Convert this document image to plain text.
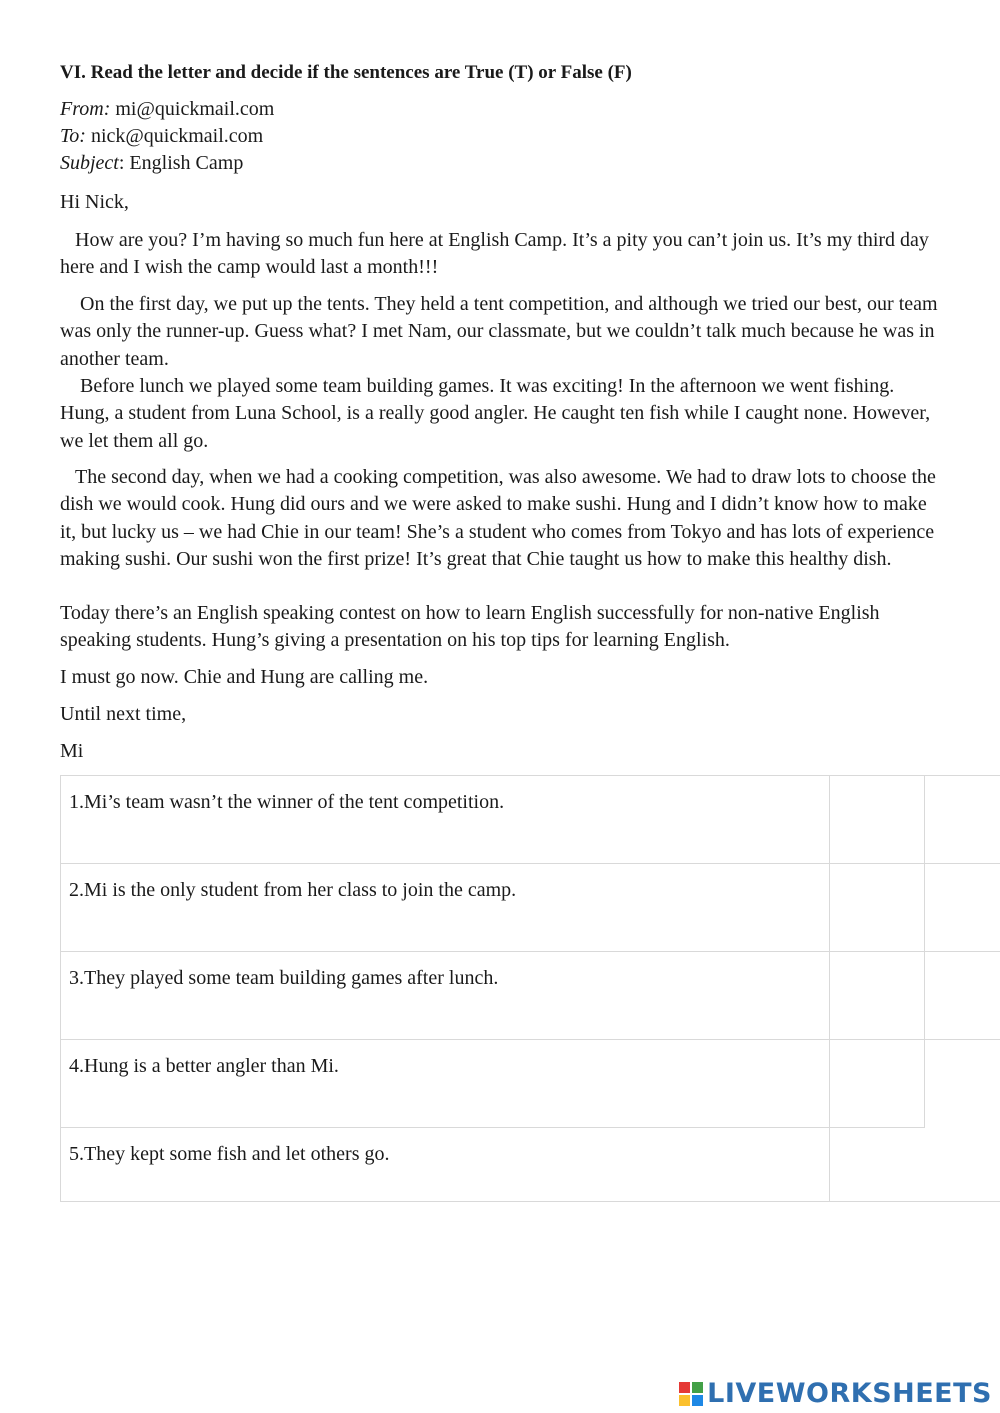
VI. Read the letter and decide if the sentences are True (T) or False (F)
From: mi@quickmail.com
To: nick@quickmail.com
Subject: English Camp

Hi Nick,

How are you? I’m having so much fun here at English Camp. It’s a pity you can’t join us. It’s my third day here and I wish the camp would last a month!!!

On the first day, we put up the tents. They held a tent competition, and although we tried our best, our team was only the runner-up. Guess what? I met Nam, our classmate, but we couldn’t talk much because he was in another team.

Before lunch we played some team building games. It was exciting! In the afternoon we went fishing. Hung, a student from Luna School, is a really good angler. He caught ten fish while I caught none. However, we let them all go.

The second day, when we had a cooking competition, was also awesome. We had to draw lots to choose the dish we would cook. Hung did ours and we were asked to make sushi. Hung and I didn’t know how to make it, but lucky us – we had Chie in our team! She’s a student who comes from Tokyo and has lots of experience making sushi. Our sushi won the first prize! It’s great that Chie taught us how to make this healthy dish.

Today there’s an English speaking contest on how to learn English successfully for non-native English speaking students. Hung’s giving a presentation on his top tips for learning English.

I must go now. Chie and Hung are calling me.

Until next time,

Mi

1.Mi’s team wasn’t the winner of the tent competition.		
2.Mi is the only student from her class to join the camp.		
3.They played some team building games after lunch.		
4.Hung is a better angler than Mi.		
5.They kept some fish and let others go.		
LIVEWORKSHEETS
